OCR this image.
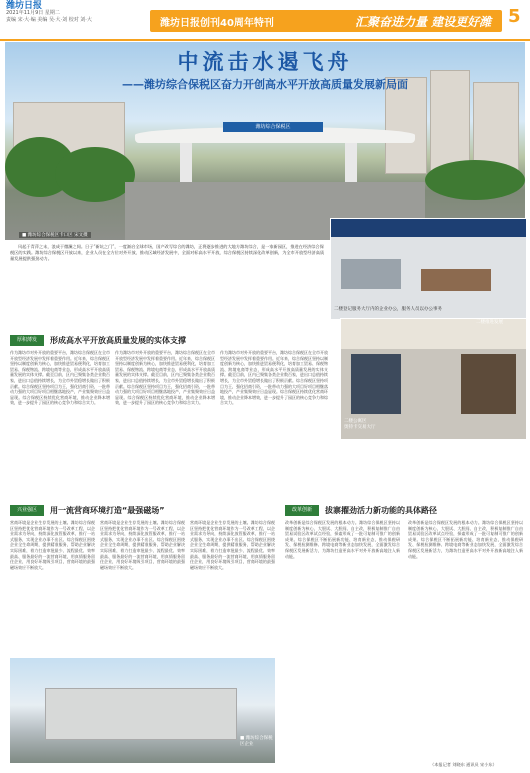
潍坊日报
2021年11月9日 星期二
责编 宋·大·编 美编 吴·大·刘 校对 刘·大	潍坊日报创刊40周年特刊	汇聚奋进力量 建设更好潍 5
潍坊综合保税区
中流击水遏飞舟
——潍坊综合保税区奋力开创高水平开放高质量发展新局面
■ 潍坊综合保税区卡口区 宋文摄
风起于青萍之末，浪成于微澜之间。日子“新坑之门”，一度渐启全球市场，国产改写综合的潍坊，正将逐步推进的大地方潍坊综合，是一家新园区，推进在经济综合保税区的实践。潍坊综合保税区开放以来，企业人员在全方位对外开放、推动区域经济发展中，全面对标高水平开放，综合保税区持续深化改革创新，为全市开放型经济高质量发展提供强劲动力。
二楼登记服务大厅内的企业办公，服务人员以办公事务
二楼公寓区
奥特卡交易大厅
二楼推进发展
厚积薄发	形成高水平开放高质量发展的实体支撑
作为潍坊市对外开放的重要平台，潍坊综合保税区在全市开放型经济发展中发挥着重要作用。近年来，综合保税区坚持以制度创新为核心，加快推进贸易便利化，培育加工贸易、保税物流、跨境电商等业态，形成高水平开放高质量发展的实体支撑。截至目前，区内已聚集各类企业数百家，进出口总值持续增长，为全市外贸稳增长做出了积极贡献。综合保税区坚持项目为王，强化招商引资，一批带动力强的大项目好项目相继落地投产，产业集聚效应日益显现。综合保税区持续优化营商环境，推动企业降本增效，进一步提升了园区的核心竞争力和综合实力。
作为潍坊市对外开放的重要平台，潍坊综合保税区在全市开放型经济发展中发挥着重要作用。近年来，综合保税区坚持以制度创新为核心，加快推进贸易便利化，培育加工贸易、保税物流、跨境电商等业态，形成高水平开放高质量发展的实体支撑。截至目前，区内已聚集各类企业数百家，进出口总值持续增长，为全市外贸稳增长做出了积极贡献。综合保税区坚持项目为王，强化招商引资，一批带动力强的大项目好项目相继落地投产，产业集聚效应日益显现。综合保税区持续优化营商环境，推动企业降本增效，进一步提升了园区的核心竞争力和综合实力。
作为潍坊市对外开放的重要平台，潍坊综合保税区在全市开放型经济发展中发挥着重要作用。近年来，综合保税区坚持以制度创新为核心，加快推进贸易便利化，培育加工贸易、保税物流、跨境电商等业态，形成高水平开放高质量发展的实体支撑。截至目前，区内已聚集各类企业数百家，进出口总值持续增长，为全市外贸稳增长做出了积极贡献。综合保税区坚持项目为王，强化招商引资，一批带动力强的大项目好项目相继落地投产，产业集聚效应日益显现。综合保税区持续优化营商环境，推动企业降本增效，进一步提升了园区的核心竞争力和综合实力。
兴业强区	用一流营商环境打造“最强磁场”
营商环境是企业生存发展的土壤。潍坊综合保税区坚持把优化营商环境作为一号改革工程，以企业需求为导向，持续深化放管服改革，推行一站式服务，实现企业办事不出区。综合保税区围绕企业全生命周期，提供精准服务，帮助企业解决实际困难，着力打造审批最少、流程最优、效率最高、服务最好的一流营商环境，用真情服务留住企业，用良好环境吸引项目，营商环境的最强磁场效应不断放大。
营商环境是企业生存发展的土壤。潍坊综合保税区坚持把优化营商环境作为一号改革工程，以企业需求为导向，持续深化放管服改革，推行一站式服务，实现企业办事不出区。综合保税区围绕企业全生命周期，提供精准服务，帮助企业解决实际困难，着力打造审批最少、流程最优、效率最高、服务最好的一流营商环境，用真情服务留住企业，用良好环境吸引项目，营商环境的最强磁场效应不断放大。
营商环境是企业生存发展的土壤。潍坊综合保税区坚持把优化营商环境作为一号改革工程，以企业需求为导向，持续深化放管服改革，推行一站式服务，实现企业办事不出区。综合保税区围绕企业全生命周期，提供精准服务，帮助企业解决实际困难，着力打造审批最少、流程最优、效率最高、服务最好的一流营商环境，用真情服务留住企业，用良好环境吸引项目，营商环境的最强磁场效应不断放大。
■ 潍坊综合保税区企业
改革创新	拔寨擢劲活力新功能的具体路径
改革创新是综合保税区发展的根本动力。潍坊综合保税区坚持以制度创新为核心，大胆试、大胆闯、自主改，积极复制推广自由贸易试验区改革试点经验，探索形成了一批可复制可推广的创新成果。综合保税区不断拓展新功能、培育新业态，推动保税研发、保税检测维修、跨境电商等新业态加快发展，全面激发综合保税区发展新活力，为潍坊打造更高水平对外开放新高地注入新动能。
改革创新是综合保税区发展的根本动力。潍坊综合保税区坚持以制度创新为核心，大胆试、大胆闯、自主改，积极复制推广自由贸易试验区改革试点经验，探索形成了一批可复制可推广的创新成果。综合保税区不断拓展新功能、培育新业态，推动保税研发、保税检测维修、跨境电商等新业态加快发展，全面激发综合保税区发展新活力，为潍坊打造更高水平对外开放新高地注入新动能。
（本报记者 刘晓东 通讯员 宋小东）
